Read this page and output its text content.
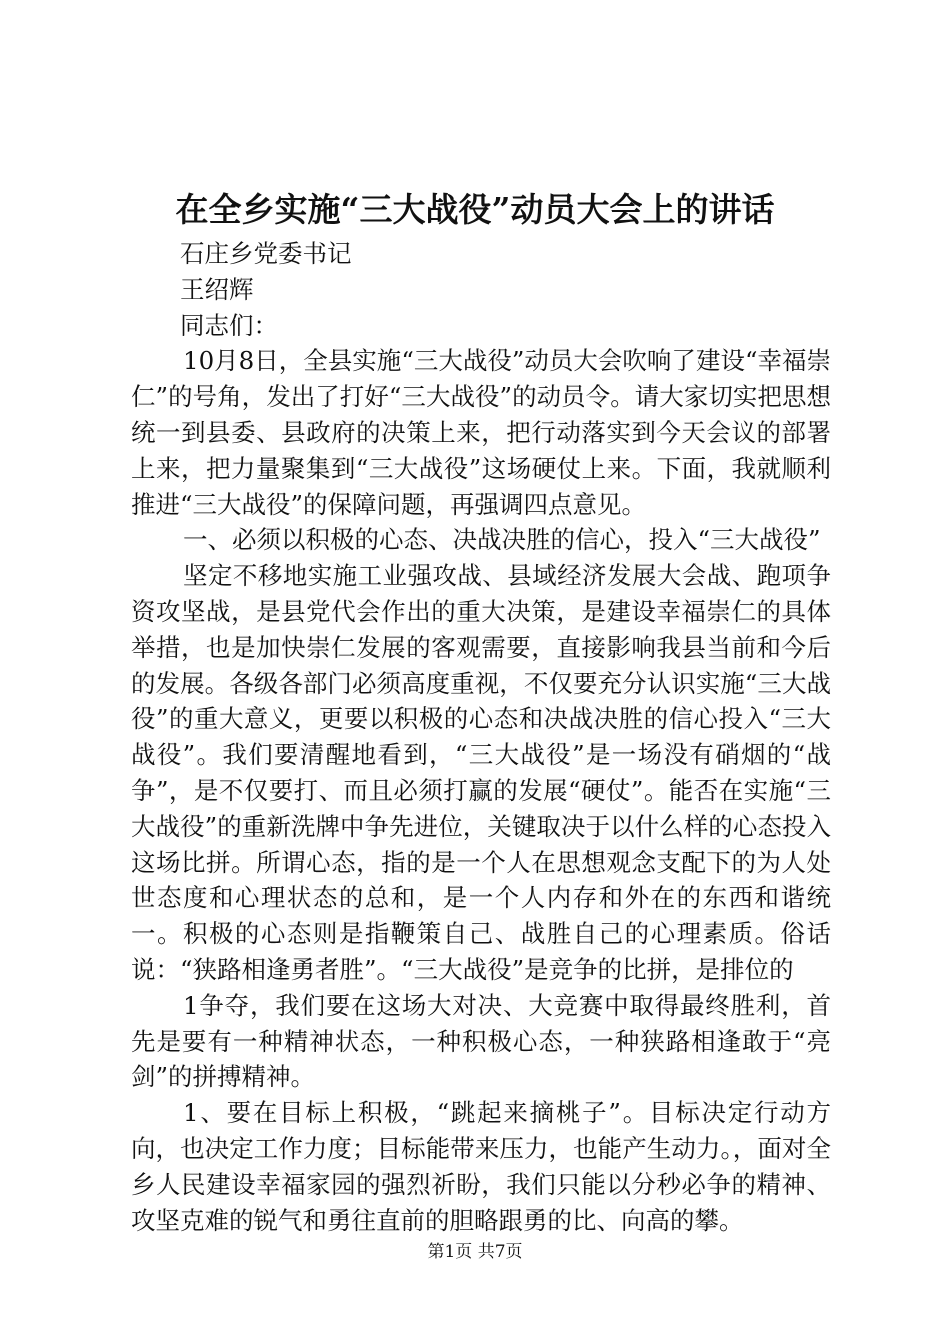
在全乡实施“三大战役”动员大会上的讲话

石庄乡党委书记

王绍辉

同志们：

10月8日，全县实施“三大战役”动员大会吹响了建设“幸福崇仁”的号角，发出了打好“三大战役”的动员令。请大家切实把思想统一到县委、县政府的决策上来，把行动落实到今天会议的部署上来，把力量聚集到“三大战役”这场硬仗上来。下面，我就顺利推进“三大战役”的保障问题，再强调四点意见。

一、必须以积极的心态、决战决胜的信心，投入“三大战役”

坚定不移地实施工业强攻战、县域经济发展大会战、跑项争资攻坚战，是县党代会作出的重大决策，是建设幸福崇仁的具体举措，也是加快崇仁发展的客观需要，直接影响我县当前和今后的发展。各级各部门必须高度重视，不仅要充分认识实施“三大战役”的重大意义，更要以积极的心态和决战决胜的信心投入“三大战役”。我们要清醒地看到，“三大战役”是一场没有硝烟的“战争”，是不仅要打、而且必须打赢的发展“硬仗”。能否在实施“三大战役”的重新洗牌中争先进位，关键取决于以什么样的心态投入这场比拼。所谓心态，指的是一个人在思想观念支配下的为人处世态度和心理状态的总和，是一个人内存和外在的东西和谐统一。积极的心态则是指鞭策自己、战胜自己的心理素质。俗话说：“狭路相逢勇者胜”。“三大战役”是竞争的比拼，是排位的

1争夺，我们要在这场大对决、大竞赛中取得最终胜利，首先是要有一种精神状态，一种积极心态，一种狭路相逢敢于“亮剑”的拼搏精神。

1、要在目标上积极，“跳起来摘桃子”。目标决定行动方向，也决定工作力度；目标能带来压力，也能产生动力。，面对全乡人民建设幸福家园的强烈祈盼，我们只能以分秒必争的精神、攻坚克难的锐气和勇往直前的胆略跟勇的比、向高的攀。

第1页 共7页
